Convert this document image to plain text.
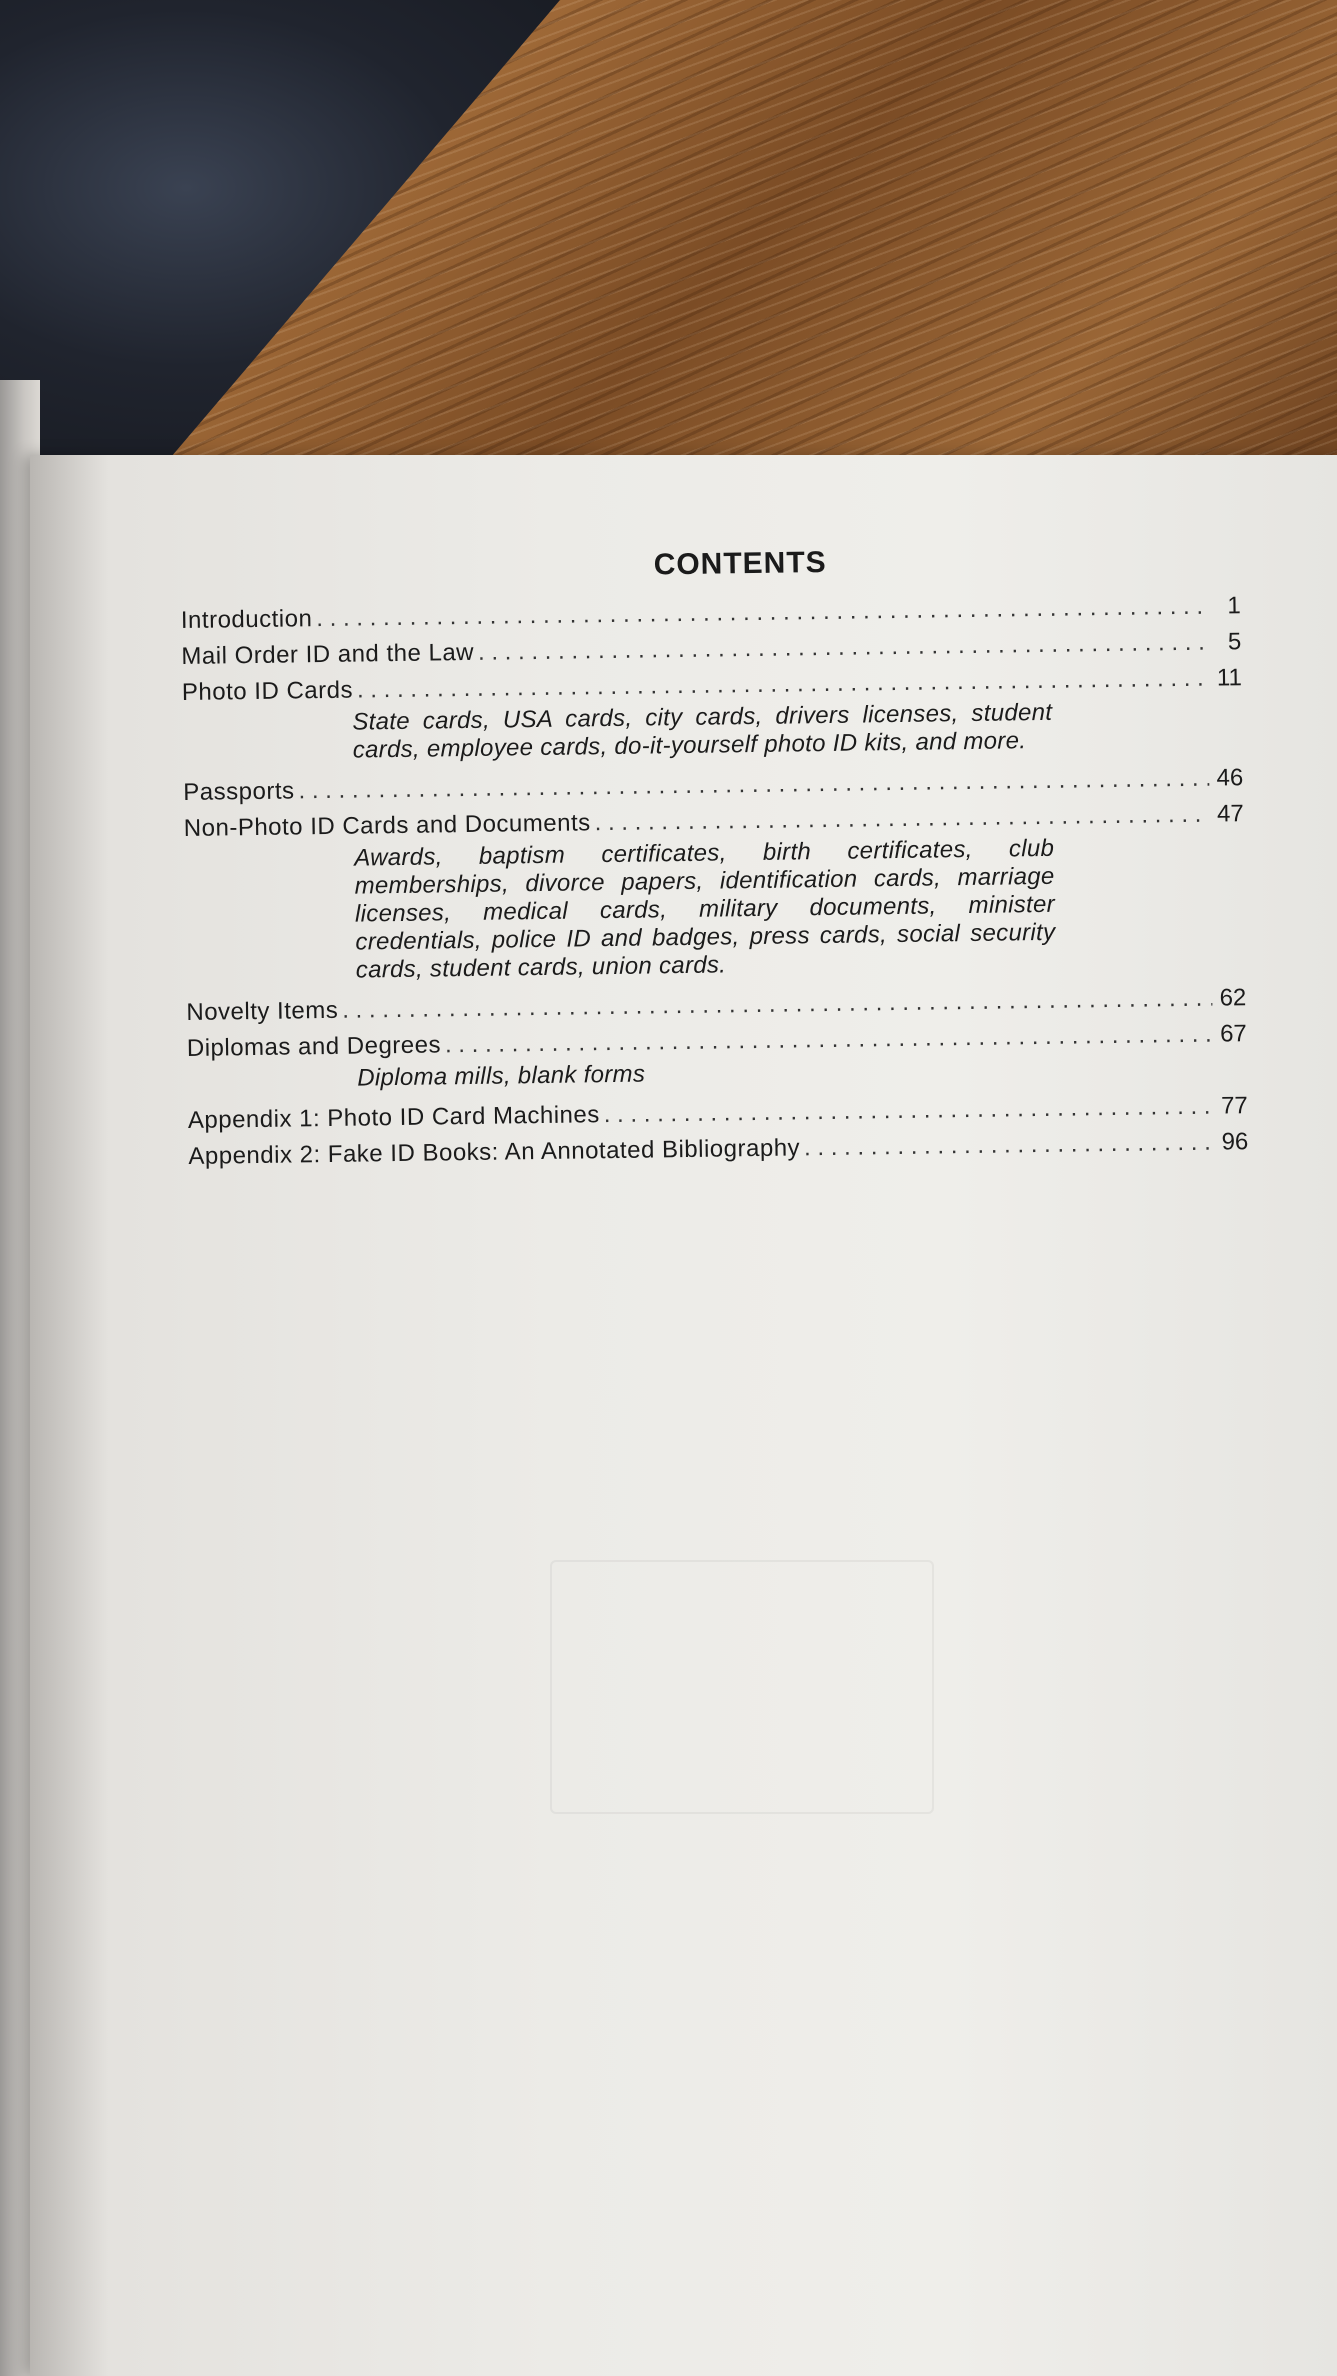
CONTENTS
Introduction . . .	1
Mail Order ID and the Law . . .	5
Photo ID Cards . . .	11
State cards, USA cards, city cards, drivers licenses, student cards, employee cards, do-it-yourself photo ID kits, and more.
Passports . . .	46
Non-Photo ID Cards and Documents . . .	47
Awards, baptism certificates, birth certificates, club memberships, divorce papers, identification cards, marriage licenses, medical cards, military documents, minister credentials, police ID and badges, press cards, social security cards, student cards, union cards.
Novelty Items . . .	62
Diplomas and Degrees . . .	67
Diploma mills, blank forms
Appendix 1: Photo ID Card Machines . . .	77
Appendix 2: Fake ID Books: An Annotated Bibliography . . .	96
